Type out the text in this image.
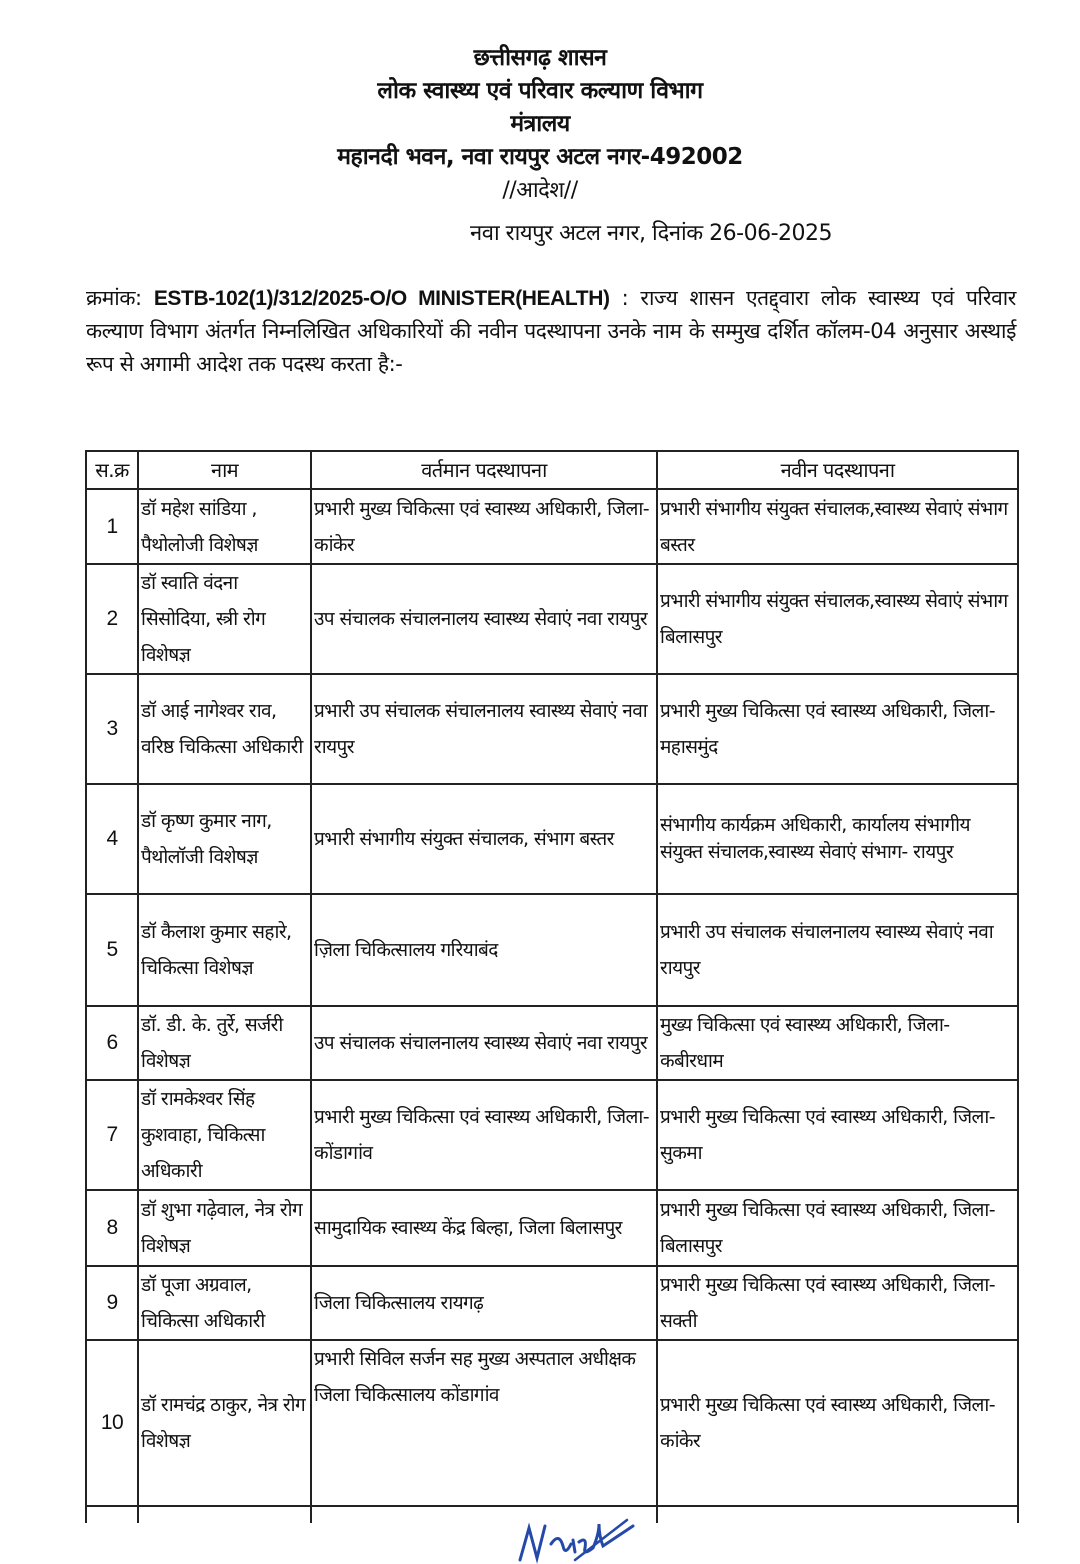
छत्तीसगढ़ शासन
लोक स्वास्थ्य एवं परिवार कल्याण विभाग
मंत्रालय
महानदी भवन, नवा रायपुर अटल नगर-492002
//आदेश//
नवा रायपुर अटल नगर, दिनांक 26-06-2025
क्रमांक: ESTB-102(1)/312/2025-O/O MINISTER(HEALTH) : राज्य शासन एतद्द्वारा लोक स्वास्थ्य एवं परिवार कल्याण विभाग अंतर्गत निम्नलिखित अधिकारियों की नवीन पदस्थापना उनके नाम के सम्मुख दर्शित कॉलम-04 अनुसार अस्थाई रूप से अगामी आदेश तक पदस्थ करता है:-
स.क्र	नाम	वर्तमान पदस्थापना	नवीन पदस्थापना
1	डॉ महेश सांडिया , पैथोलोजी विशेषज्ञ	प्रभारी मुख्य चिकित्सा एवं स्वास्थ्य अधिकारी, जिला- कांकेर	प्रभारी संभागीय संयुक्त संचालक,स्वास्थ्य सेवाएं संभाग बस्तर
2	डॉ स्वाति वंदना सिसोदिया, स्त्री रोग विशेषज्ञ	उप संचालक संचालनालय स्वास्थ्य सेवाएं नवा रायपुर	प्रभारी संभागीय संयुक्त संचालक,स्वास्थ्य सेवाएं संभाग बिलासपुर
3	डॉ आई नागेश्वर राव, वरिष्ठ चिकित्सा अधिकारी	प्रभारी उप संचालक संचालनालय स्वास्थ्य सेवाएं नवा रायपुर	प्रभारी मुख्य चिकित्सा एवं स्वास्थ्य अधिकारी, जिला- महासमुंद
4	डॉ कृष्ण कुमार नाग, पैथोलॉजी विशेषज्ञ	प्रभारी संभागीय संयुक्त संचालक, संभाग बस्तर	संभागीय कार्यक्रम अधिकारी, कार्यालय संभागीय संयुक्त संचालक,स्वास्थ्य सेवाएं संभाग- रायपुर
5	डॉ कैलाश कुमार सहारे, चिकित्सा विशेषज्ञ	ज़िला चिकित्सालय गरियाबंद	प्रभारी उप संचालक संचालनालय स्वास्थ्य सेवाएं नवा रायपुर
6	डॉ. डी. के. तुर्रे, सर्जरी विशेषज्ञ	उप संचालक संचालनालय स्वास्थ्य सेवाएं नवा रायपुर	मुख्य चिकित्सा एवं स्वास्थ्य अधिकारी, जिला- कबीरधाम
7	डॉ रामकेश्वर सिंह कुशवाहा, चिकित्सा अधिकारी	प्रभारी मुख्य चिकित्सा एवं स्वास्थ्य अधिकारी, जिला- कोंडागांव	प्रभारी मुख्य चिकित्सा एवं स्वास्थ्य अधिकारी, जिला- सुकमा
8	डॉ शुभा गढ़ेवाल, नेत्र रोग विशेषज्ञ	सामुदायिक स्वास्थ्य केंद्र बिल्हा, जिला बिलासपुर	प्रभारी मुख्य चिकित्सा एवं स्वास्थ्य अधिकारी, जिला- बिलासपुर
9	डॉ पूजा अग्रवाल, चिकित्सा अधिकारी	जिला चिकित्सालय रायगढ़	प्रभारी मुख्य चिकित्सा एवं स्वास्थ्य अधिकारी, जिला- सक्ती
10	डॉ रामचंद्र ठाकुर, नेत्र रोग विशेषज्ञ	प्रभारी सिविल सर्जन सह मुख्य अस्पताल अधीक्षक जिला चिकित्सालय कोंडागांव	प्रभारी मुख्य चिकित्सा एवं स्वास्थ्य अधिकारी, जिला- कांकेर
